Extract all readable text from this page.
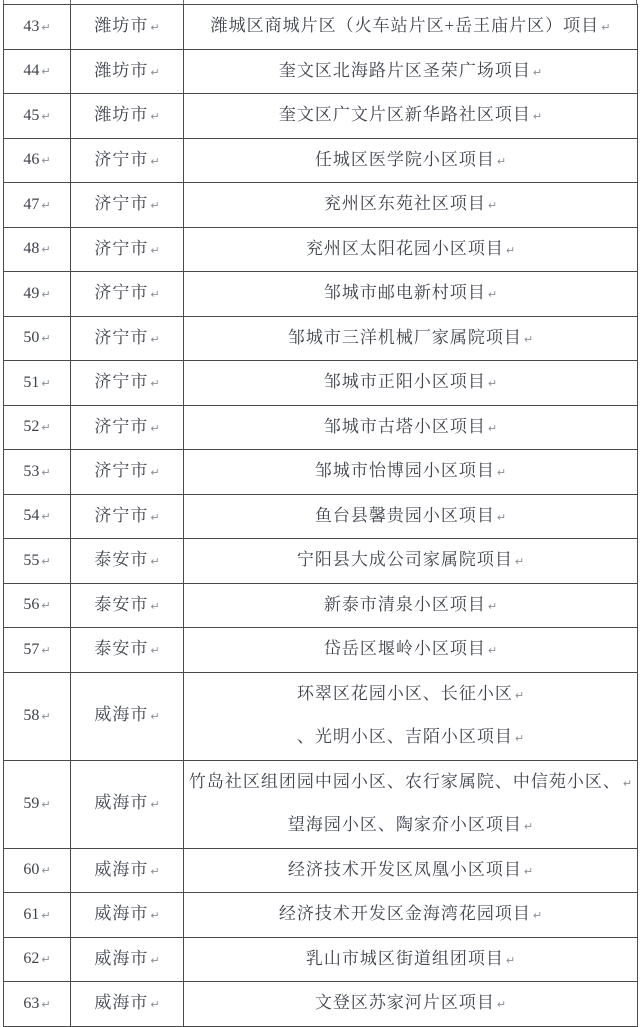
43 ↵	潍坊市 ↵	潍城区商城片区（火车站片区+岳王庙片区）项目 ↵

44 ↵	潍坊市 ↵	奎文区北海路片区圣荣广场项目 ↵

45 ↵	潍坊市 ↵	奎文区广文片区新华路社区项目 ↵

46 ↵	济宁市 ↵	任城区医学院小区项目 ↵

47 ↵	济宁市 ↵	兖州区东苑社区项目 ↵

48 ↵	济宁市 ↵	兖州区太阳花园小区项目 ↵

49 ↵	济宁市 ↵	邹城市邮电新村项目 ↵

50 ↵	济宁市 ↵	邹城市三洋机械厂家属院项目 ↵

51 ↵	济宁市 ↵	邹城市正阳小区项目 ↵

52 ↵	济宁市 ↵	邹城市古塔小区项目 ↵

53 ↵	济宁市 ↵	邹城市怡博园小区项目 ↵

54 ↵	济宁市 ↵	鱼台县馨贵园小区项目 ↵

55 ↵	泰安市 ↵	宁阳县大成公司家属院项目 ↵

56 ↵	泰安市 ↵	新泰市清泉小区项目 ↵

57 ↵	泰安市 ↵	岱岳区堰岭小区项目 ↵

58 ↵	威海市 ↵	环翠区花园小区、长征小区 ↵
、光明小区、吉陌小区项目 ↵

59 ↵	威海市 ↵	竹岛社区组团园中园小区、农行家属院、中信苑小区、 ↵
望海园小区、陶家夼小区项目 ↵

60 ↵	威海市 ↵	经济技术开发区凤凰小区项目 ↵

61 ↵	威海市 ↵	经济技术开发区金海湾花园项目 ↵

62 ↵	威海市 ↵	乳山市城区街道组团项目 ↵

63 ↵	威海市 ↵	文登区苏家河片区项目 ↵
